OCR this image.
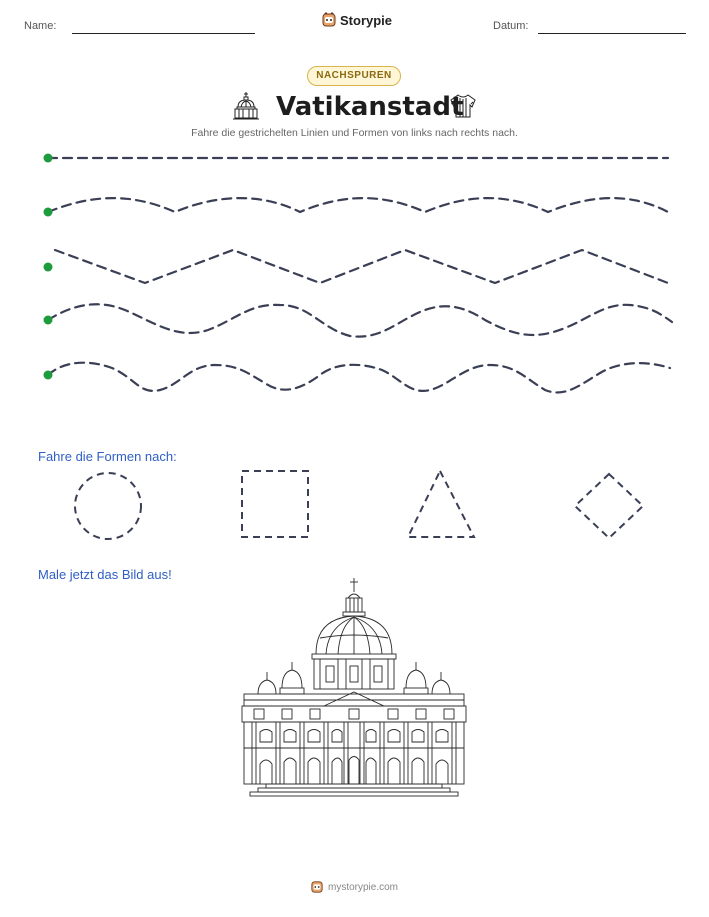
Name:	Storypie	Datum:
NACHSPUREN
Vatikanstadt
Fahre die gestrichelten Linien und Formen von links nach rechts nach.
Fahre die Formen nach:
Male jetzt das Bild aus!
mystorypie.com
